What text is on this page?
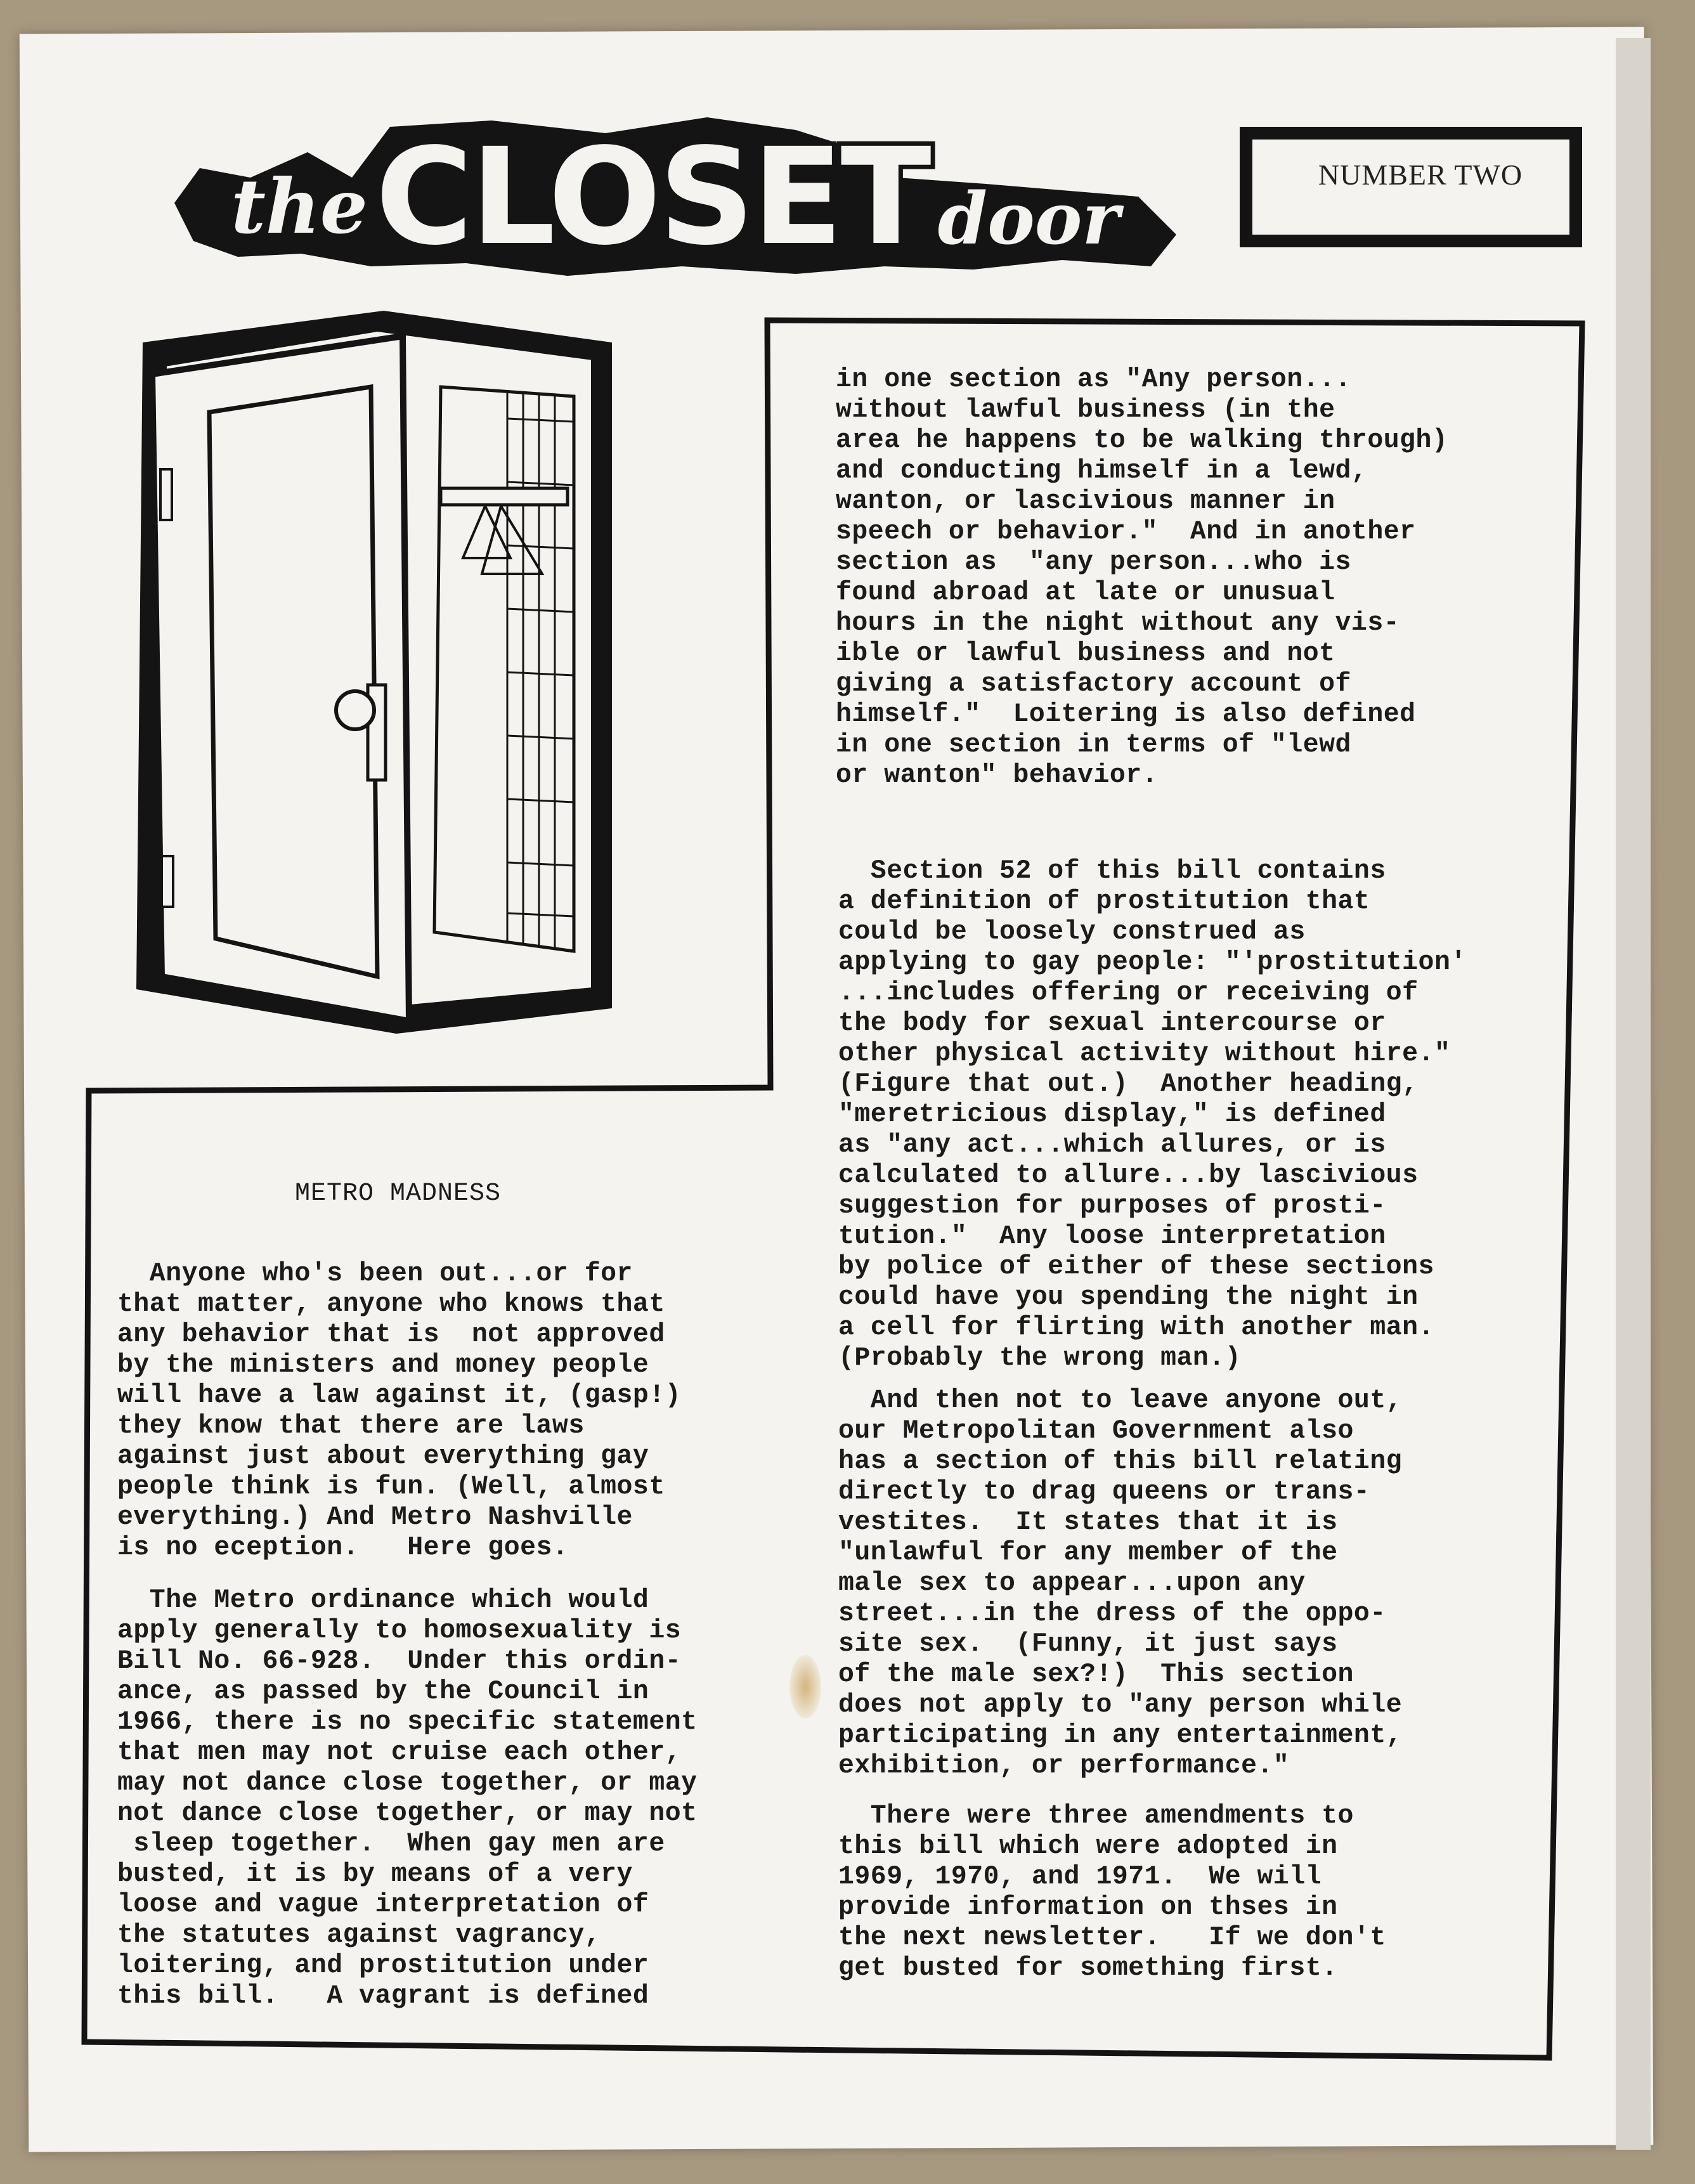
the CLOSET door
NUMBER TWO
METRO MADNESS

Anyone who's been out...or for

that matter, anyone who knows that

any behavior that is  not approved

by the ministers and money people

will have a law against it, (gasp!)

they know that there are laws

against just about everything gay

people think is fun. (Well, almost

everything.) And Metro Nashville

is no eception.   Here goes.

The Metro ordinance which would

apply generally to homosexuality is

Bill No. 66-928.  Under this ordin-

ance, as passed by the Council in

1966, there is no specific statement

that men may not cruise each other,

may not dance close together, or may

not dance close together, or may not

sleep together.  When gay men are

busted, it is by means of a very

loose and vague interpretation of

the statutes against vagrancy,

loitering, and prostitution under

this bill.   A vagrant is defined

in one section as "Any person...

without lawful business (in the

area he happens to be walking through)

and conducting himself in a lewd,

wanton, or lascivious manner in

speech or behavior."  And in another

section as  "any person...who is

found abroad at late or unusual

hours in the night without any vis-

ible or lawful business and not

giving a satisfactory account of

himself."  Loitering is also defined

in one section in terms of "lewd

or wanton" behavior.

Section 52 of this bill contains

a definition of prostitution that

could be loosely construed as

applying to gay people: "'prostitution'

...includes offering or receiving of

the body for sexual intercourse or

other physical activity without hire."

(Figure that out.)  Another heading,

"meretricious display," is defined

as "any act...which allures, or is

calculated to allure...by lascivious

suggestion for purposes of prosti-

tution."  Any loose interpretation

by police of either of these sections

could have you spending the night in

a cell for flirting with another man.

(Probably the wrong man.)

And then not to leave anyone out,

our Metropolitan Government also

has a section of this bill relating

directly to drag queens or trans-

vestites.  It states that it is

"unlawful for any member of the

male sex to appear...upon any

street...in the dress of the oppo-

site sex.  (Funny, it just says

of the male sex?!)  This section

does not apply to "any person while

participating in any entertainment,

exhibition, or performance."

There were three amendments to

this bill which were adopted in

1969, 1970, and 1971.  We will

provide information on thses in

the next newsletter.   If we don't

get busted for something first.
